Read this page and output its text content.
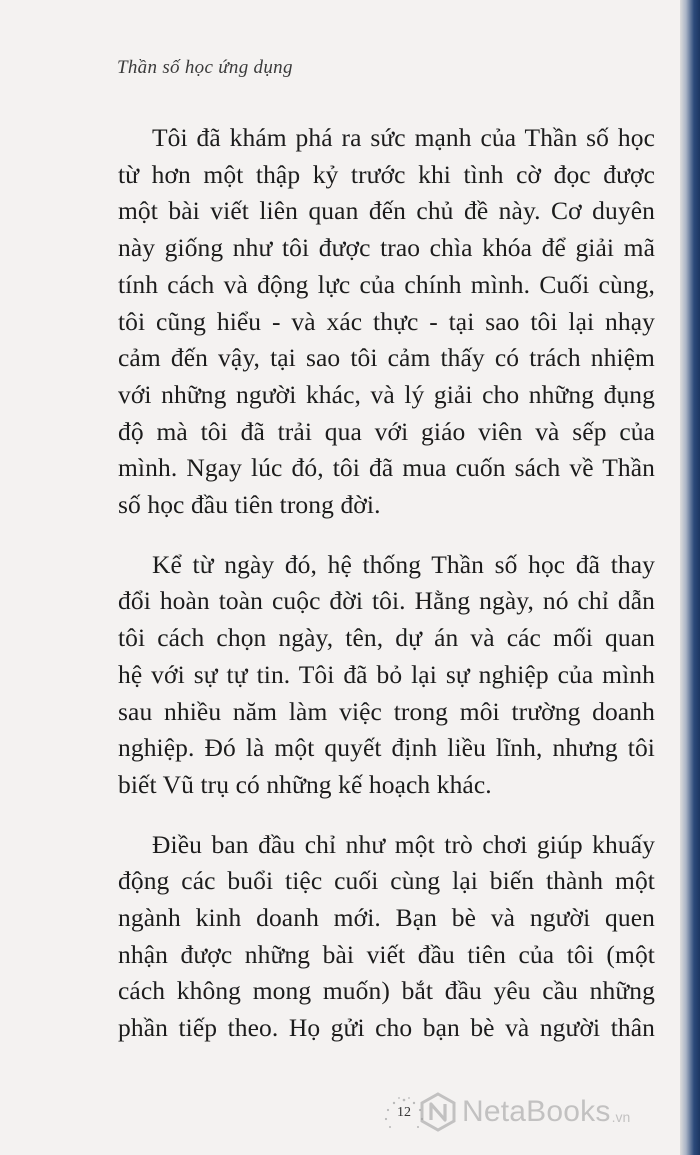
Thần số học ứng dụng
Tôi đã khám phá ra sức mạnh của Thần số học
từ hơn một thập kỷ trước khi tình cờ đọc được
một bài viết liên quan đến chủ đề này. Cơ duyên
này giống như tôi được trao chìa khóa để giải mã
tính cách và động lực của chính mình. Cuối cùng,
tôi cũng hiểu - và xác thực - tại sao tôi lại nhạy
cảm đến vậy, tại sao tôi cảm thấy có trách nhiệm
với những người khác, và lý giải cho những đụng
độ mà tôi đã trải qua với giáo viên và sếp của
mình. Ngay lúc đó, tôi đã mua cuốn sách về Thần
số học đầu tiên trong đời.
Kể từ ngày đó, hệ thống Thần số học đã thay
đổi hoàn toàn cuộc đời tôi. Hằng ngày, nó chỉ dẫn
tôi cách chọn ngày, tên, dự án và các mối quan
hệ với sự tự tin. Tôi đã bỏ lại sự nghiệp của mình
sau nhiều năm làm việc trong môi trường doanh
nghiệp. Đó là một quyết định liều lĩnh, nhưng tôi
biết Vũ trụ có những kế hoạch khác.
Điều ban đầu chỉ như một trò chơi giúp khuấy
động các buổi tiệc cuối cùng lại biến thành một
ngành kinh doanh mới. Bạn bè và người quen
nhận được những bài viết đầu tiên của tôi (một
cách không mong muốn) bắt đầu yêu cầu những
phần tiếp theo. Họ gửi cho bạn bè và người thân
12	NetaBooks .vn
